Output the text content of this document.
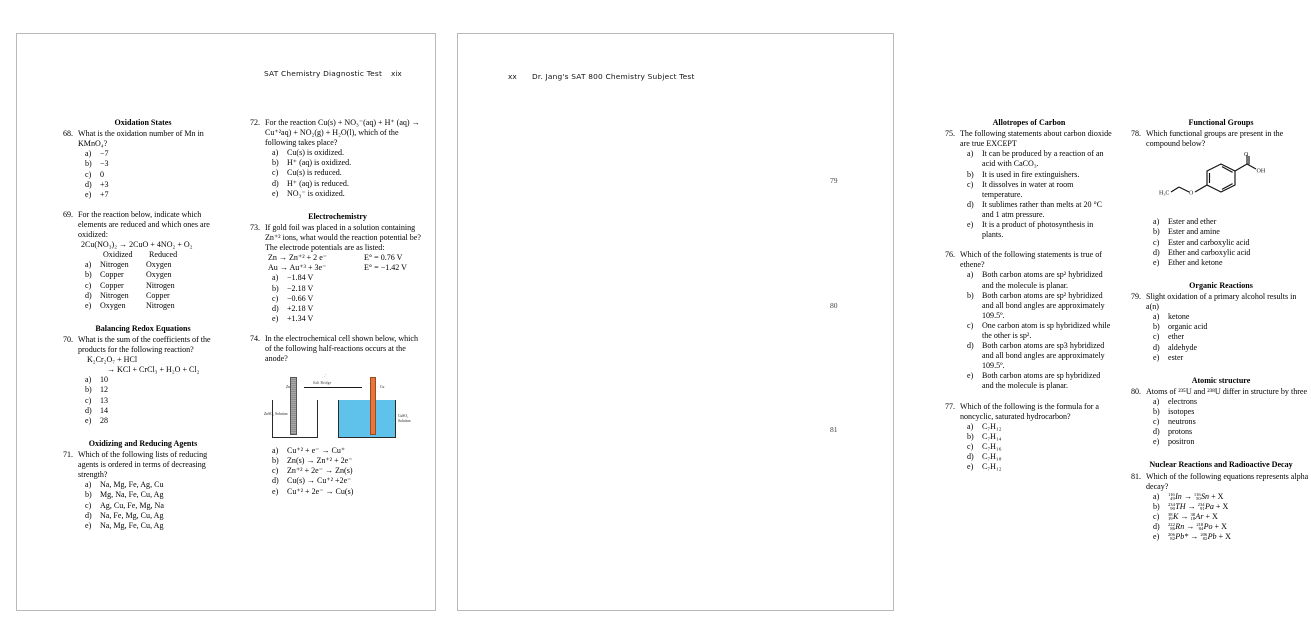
SAT Chemistry Diagnostic Test xix
Oxidation States
68. What is the oxidation number of Mn in KMnO₄?
a) −7
b) −3
c) 0
d) +3
e) +7
69. For the reaction below, indicate which elements are reduced and which ones are oxidized:
2Cu(NO₃)₂ → 2CuO + 4NO₂ + O₂
Oxidized Reduced
a) Nitrogen Oxygen
b) Copper	Oxygen
c) Copper	Nitrogen
d) Nitrogen Copper
e) Oxygen	Nitrogen
Balancing Redox Equations
70. What is the sum of the coefficients of the products for the following reaction?
K₂Cr₂O₇ + HCl
→ KCl + CrCl₃ + H₂O + Cl₂
a) 10
b) 12
c) 13
d) 14
e) 28
Oxidizing and Reducing Agents
71. Which of the following lists of reducing agents is ordered in terms of decreasing strength?
a) Na, Mg, Fe, Ag, Cu
b) Mg, Na, Fe, Cu, Ag
c) Ag, Cu, Fe, Mg, Na
d) Na, Fe, Mg, Cu, Ag
e) Na, Mg, Fe, Cu, Ag
72. For the reaction Cu(s) + NO₃⁻(aq) + H⁺ (aq) → Cu⁺²aq) + NO₂(g) + H₂O(l), which of the following takes place?
a) Cu(s) is oxidized.
b) H⁺ (aq) is oxidized.
c) Cu(s) is reduced.
d) H⁺ (aq) is reduced.
e) NO₃⁻ is oxidized.
Electrochemistry
73. If gold foil was placed in a solution containing Zn⁺² ions, what would the reaction potential be? The electrode potentials are as listed:
Zn → Zn⁺² + 2 e⁻	E° = 0.76 V
Au → Au⁺³ + 3e⁻	E° = −1.42 V
a) −1.84 V
b) −2.18 V
c) −0.66 V
d) +2.18 V
e) +1.34 V
74. In the electrochemical cell shown below, which of the following half-reactions occurs at the anode?
⋰
Salt Bridge
Zn	Cu
ZnSO₄ Solution	CuSO₄ Solution
a) Cu⁺² + e⁻ → Cu⁺
b) Zn(s) → Zn⁺² + 2e⁻
c) Zn⁺² + 2e⁻ → Zn(s)
d) Cu(s) → Cu⁺² +2e⁻
e) Cu⁺² + 2e⁻ → Cu(s)
xx Dr. Jang's SAT 800 Chemistry Subject Test
Allotropes of Carbon
75. The following statements about carbon dioxide are true EXCEPT
a) It can be produced by a reaction of an acid with CaCO₃.
b) It is used in fire extinguishers.
c) It dissolves in water at room temperature.
d) It sublimes rather than melts at 20 °C and 1 atm pressure.
e) It is a product of photosynthesis in plants.
76. Which of the following statements is true of ethene?
a) Both carbon atoms are sp² hybridized and the molecule is planar.
b) Both carbon atoms are sp² hybridized and all bond angles are approximately 109.5º.
c) One carbon atom is sp hybridized while the other is sp².
d) Both carbon atoms are sp3 hybridized and all bond angles are approximately 109.5º.
e) Both carbon atoms are sp hybridized and the molecule is planar.
77. Which of the following is the formula for a noncyclic, saturated hydrocarbon?
a) C₇H₁₂
b) C₇H₁₄
c) C₇H₁₆
d) C₇H₁₈
e) C₇H₁₂
Functional Groups
78. Which functional groups are present in the compound below?
O
OH
O
H₃C
a) Ester and ether
b) Ester and amine
c) Ester and carboxylic acid
d) Ether and carboxylic acid
e) Ether and ketone
Organic Reactions
79. Slight oxidation of a primary alcohol results in a(n)
a) ketone
b) organic acid
c) ether
d) aldehyde
e) ester
Atomic structure
80. Atoms of ²³⁵U and ²³⁸U differ in structure by three
a) electrons
b) isotopes
c) neutrons
d) protons
e) positron
Nuclear Reactions and Radioactive Decay
81. Which of the following equations represents alpha decay?
a) 116
49In → 116
50Sn + X
b) 234
90TH → 234
91Pa + X
c) 38
19K → 38
18Ar + X
d) 222
86Rn → 218
84Po + X
e) 206
82Pb* → 206
82Pb + X
79
80
81
